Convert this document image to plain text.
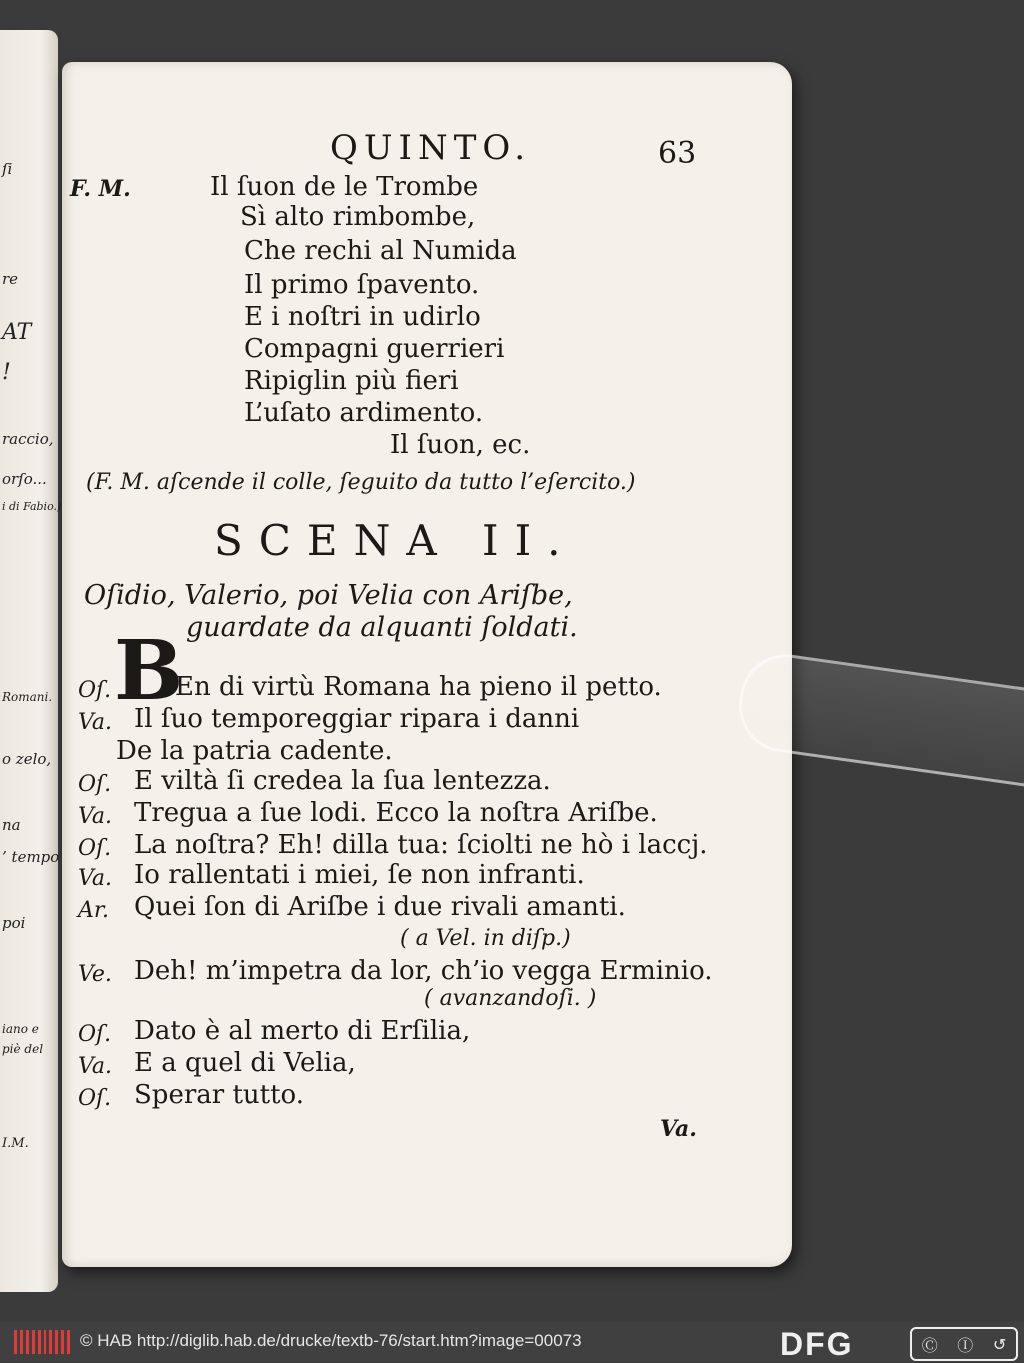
ſi
re
AT
!
raccio,
orſo...
i di Fabio.)
Romani.
o zelo,
na
’ tempo
poi
iano e
piè del
I.M.
QUINTO.	63
F. M.	Il ſuon de le Trombe
Sì alto rimbombe,
Che rechi al Numida
Il primo ſpavento.
E i noſtri in udirlo
Compagni guerrieri
Ripiglin più fieri
L’uſato ardimento.
Il ſuon, ec.
(F. M. aſcende il colle, ſeguito da tutto l’eſercito.)
SCENA II.
Oſidio, Valerio, poi Velia con Ariſbe,
guardate da alquanti ſoldati.
B
Oſ. En di virtù Romana ha pieno il petto.
Va. Il ſuo temporeggiar ripara i danni
De la patria cadente.
Oſ. E viltà ſi credea la ſua lentezza.
Va. Tregua a ſue lodi. Ecco la noſtra Ariſbe.
Oſ. La noſtra? Eh! dilla tua: ſciolti ne hò i laccj.
Va. Io rallentati i miei, ſe non infranti.
Ar. Quei ſon di Ariſbe i due rivali amanti.
( a Vel. in diſp.)
Ve. Deh! m’impetra da lor, ch’io vegga Erminio.
( avanzandoſi. )
Oſ. Dato è al merto di Erſilia,
Va. E a quel di Velia,
Oſ. Sperar tutto.
Va.
© HAB http://diglib.hab.de/drucke/textb-76/start.htm?image=00073	DFG	Ⓒ Ⓘ ↺
